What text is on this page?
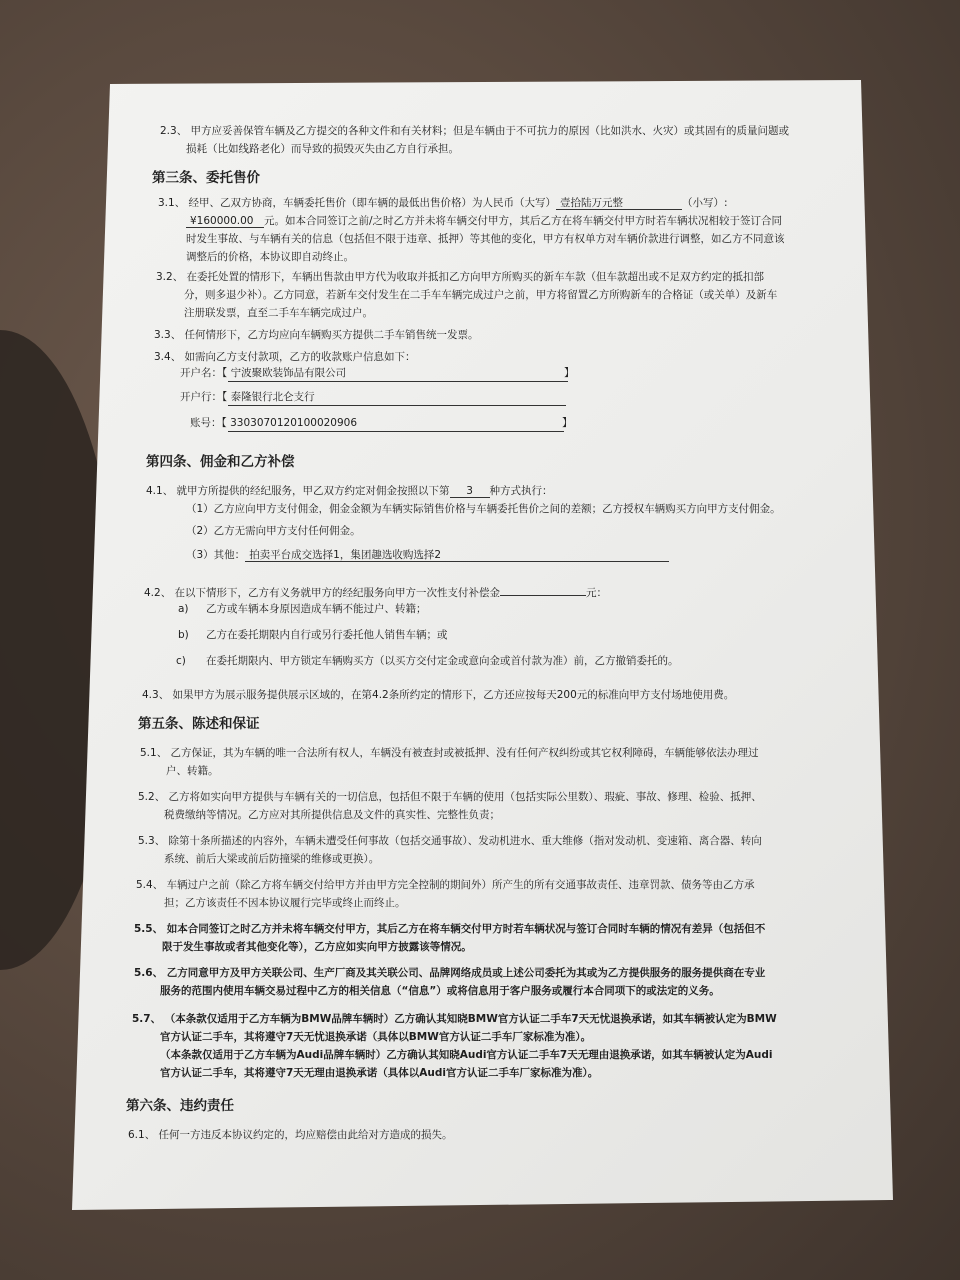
2.3、 甲方应妥善保管车辆及乙方提交的各种文件和有关材料；但是车辆由于不可抗力的原因（比如洪水、火灾）或其固有的质量问题或
损耗（比如线路老化）而导致的损毁灭失由乙方自行承担。
第三条、委托售价
3.1、 经甲、乙双方协商，车辆委托售价（即车辆的最低出售价格）为人民币（大写） 壹拾陆万元整	（小写）:
¥160000.00 元。如本合同签订之前/之时乙方并未将车辆交付甲方，其后乙方在将车辆交付甲方时若车辆状况相较于签订合同
时发生事故、与车辆有关的信息（包括但不限于违章、抵押）等其他的变化，甲方有权单方对车辆价款进行调整，如乙方不同意该
调整后的价格，本协议即自动终止。
3.2、 在委托处置的情形下，车辆出售款由甲方代为收取并抵扣乙方向甲方所购买的新车车款（但车款超出或不足双方约定的抵扣部
分，则多退少补）。乙方同意，若新车交付发生在二手车车辆完成过户之前，甲方将留置乙方所购新车的合格证（或关单）及新车
注册联发票，直至二手车车辆完成过户。
3.3、 任何情形下，乙方均应向车辆购买方提供二手车销售统一发票。
3.4、 如需向乙方支付款项，乙方的收款账户信息如下：
开户名：【 宁波聚欧装饰品有限公司	】
开户行：【 泰隆银行北仑支行
账号：【 3303070120100020906	】
第四条、佣金和乙方补偿
4.1、 就甲方所提供的经纪服务，甲乙双方约定对佣金按照以下第 3 种方式执行：
（1）乙方应向甲方支付佣金，佣金金额为车辆实际销售价格与车辆委托售价之间的差额；乙方授权车辆购买方向甲方支付佣金。
（2）乙方无需向甲方支付任何佣金。
（3）其他： 拍卖平台成交选择1，集团趣选收购选择2
4.2、 在以下情形下，乙方有义务就甲方的经纪服务向甲方一次性支付补偿金	元：
a) 乙方或车辆本身原因造成车辆不能过户、转籍；
b) 乙方在委托期限内自行或另行委托他人销售车辆；或
c) 在委托期限内、甲方锁定车辆购买方（以买方交付定金或意向金或首付款为准）前，乙方撤销委托的。
4.3、 如果甲方为展示服务提供展示区域的，在第4.2条所约定的情形下，乙方还应按每天200元的标准向甲方支付场地使用费。
第五条、陈述和保证
5.1、 乙方保证，其为车辆的唯一合法所有权人，车辆没有被查封或被抵押、没有任何产权纠纷或其它权利障碍，车辆能够依法办理过
户、转籍。
5.2、 乙方将如实向甲方提供与车辆有关的一切信息，包括但不限于车辆的使用（包括实际公里数）、瑕疵、事故、修理、检验、抵押、
税费缴纳等情况。乙方应对其所提供信息及文件的真实性、完整性负责；
5.3、 除第十条所描述的内容外，车辆未遭受任何事故（包括交通事故）、发动机进水、重大维修（指对发动机、变速箱、离合器、转向
系统、前后大梁或前后防撞梁的维修或更换）。
5.4、 车辆过户之前（除乙方将车辆交付给甲方并由甲方完全控制的期间外）所产生的所有交通事故责任、违章罚款、债务等由乙方承
担；乙方该责任不因本协议履行完毕或终止而终止。
5.5、 如本合同签订之时乙方并未将车辆交付甲方，其后乙方在将车辆交付甲方时若车辆状况与签订合同时车辆的情况有差异（包括但不
限于发生事故或者其他变化等），乙方应如实向甲方披露该等情况。
5.6、 乙方同意甲方及甲方关联公司、生产厂商及其关联公司、品牌网络成员或上述公司委托为其或为乙方提供服务的服务提供商在专业
服务的范围内使用车辆交易过程中乙方的相关信息（“信息”）或将信息用于客户服务或履行本合同项下的或法定的义务。
5.7、 （本条款仅适用于乙方车辆为BMW品牌车辆时）乙方确认其知晓BMW官方认证二手车7天无忧退换承诺，如其车辆被认定为BMW
官方认证二手车，其将遵守7天无忧退换承诺（具体以BMW官方认证二手车厂家标准为准）。
（本条款仅适用于乙方车辆为Audi品牌车辆时）乙方确认其知晓Audi官方认证二手车7天无理由退换承诺，如其车辆被认定为Audi
官方认证二手车，其将遵守7天无理由退换承诺（具体以Audi官方认证二手车厂家标准为准）。
第六条、违约责任
6.1、 任何一方违反本协议约定的，均应赔偿由此给对方造成的损失。
